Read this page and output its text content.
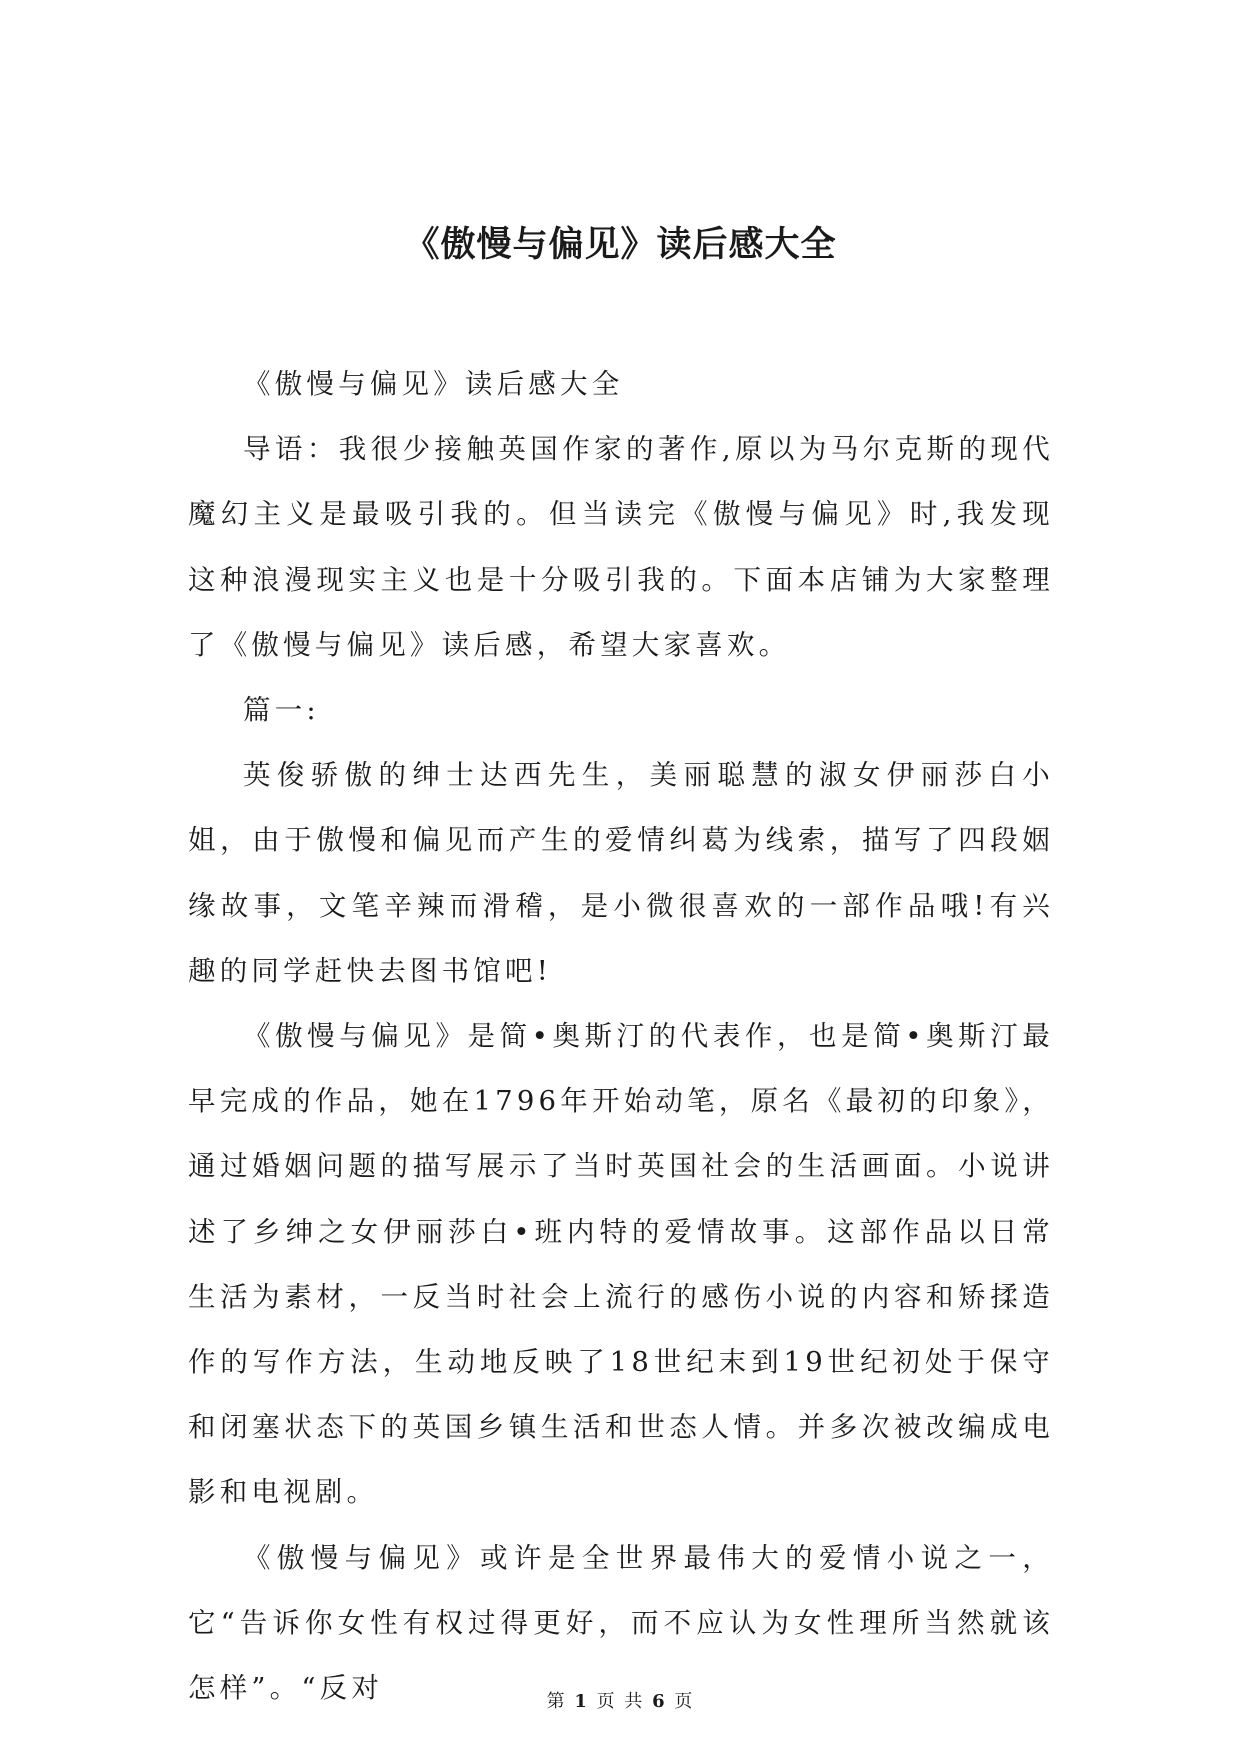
《傲慢与偏见》读后感大全

《傲慢与偏见》读后感大全

导语：我很少接触英国作家的著作,原以为马尔克斯的现代魔幻主义是最吸引我的。但当读完《傲慢与偏见》时,我发现这种浪漫现实主义也是十分吸引我的。下面本店铺为大家整理了《傲慢与偏见》读后感，希望大家喜欢。

篇一:

英俊骄傲的绅士达西先生，美丽聪慧的淑女伊丽莎白小姐，由于傲慢和偏见而产生的爱情纠葛为线索，描写了四段姻缘故事，文笔辛辣而滑稽，是小微很喜欢的一部作品哦!有兴趣的同学赶快去图书馆吧!

《傲慢与偏见》是简•奥斯汀的代表作，也是简•奥斯汀最早完成的作品，她在1796年开始动笔，原名《最初的印象》，通过婚姻问题的描写展示了当时英国社会的生活画面。小说讲述了乡绅之女伊丽莎白•班内特的爱情故事。这部作品以日常生活为素材，一反当时社会上流行的感伤小说的内容和矫揉造作的写作方法，生动地反映了18世纪末到19世纪初处于保守和闭塞状态下的英国乡镇生活和世态人情。并多次被改编成电影和电视剧。

《傲慢与偏见》或许是全世界最伟大的爱情小说之一，它“告诉你女性有权过得更好，而不应认为女性理所当然就该怎样”。“反对	第 1 页 共 6 页
